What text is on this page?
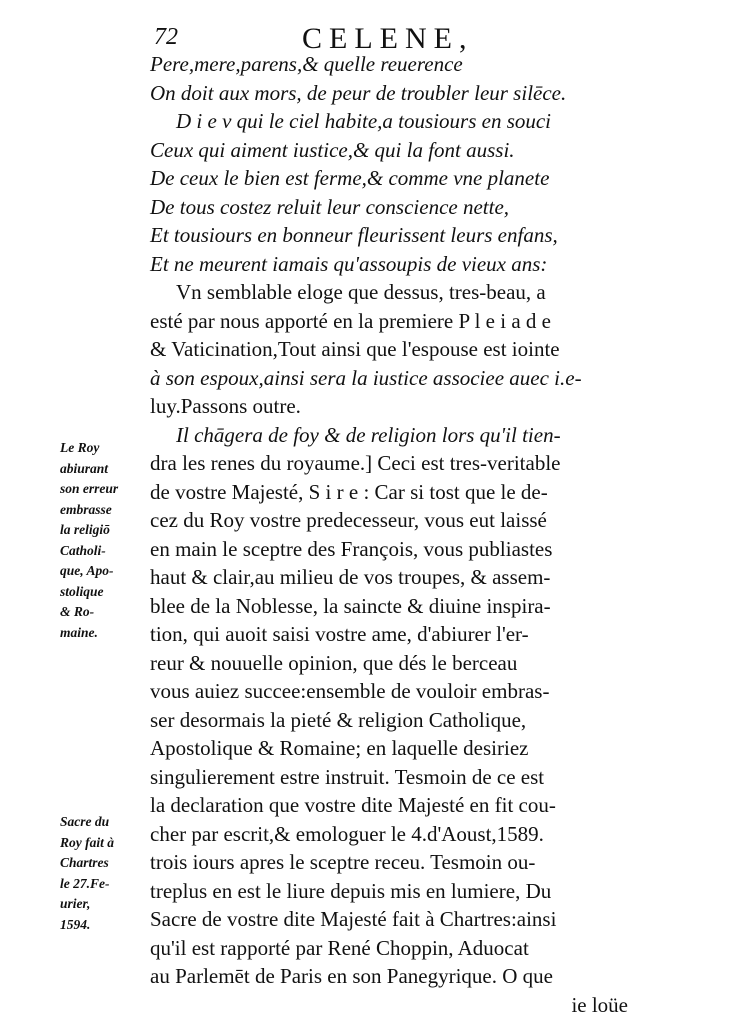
72	CELENE,
Pere,mere,parens,& quelle reuerence
On doit aux mors, de peur de troubler leur silēce.
D i e v qui le ciel habite,a tousiours en souci
Ceux qui aiment iustice,& qui la font aussi.
De ceux le bien est ferme,& comme vne planete
De tous costez reluit leur conscience nette,
Et tousiours en bonneur fleurissent leurs enfans,
Et ne meurent iamais qu'assoupis de vieux ans:
Vn semblable eloge que dessus, tres-beau, a
esté par nous apporté en la premiere P l e i a d e
& Vaticination,Tout ainsi que l'espouse est iointe
à son espoux,ainsi sera la iustice associee auec i.e-
luy.Passons outre.
Il chāgera de foy & de religion lors qu'il tien-
dra les renes du royaume.] Ceci est tres-veritable
de vostre Majesté, S i r e : Car si tost que le de-
cez du Roy vostre predecesseur, vous eut laissé
en main le sceptre des François, vous publiastes
haut & clair,au milieu de vos troupes, & assem-
blee de la Noblesse, la saincte & diuine inspira-
tion, qui auoit saisi vostre ame, d'abiurer l'er-
reur & nouuelle opinion, que dés le berceau
vous auiez succee:ensemble de vouloir embras-
ser desormais la pieté & religion Catholique,
Apostolique & Romaine; en laquelle desiriez
singulierement estre instruit. Tesmoin de ce est
la declaration que vostre dite Majesté en fit cou-
cher par escrit,& emologuer le 4.d'Aoust,1589.
trois iours apres le sceptre receu. Tesmoin ou-
treplus en est le liure depuis mis en lumiere, Du
Sacre de vostre dite Majesté fait à Chartres:ainsi
qu'il est rapporté par René Choppin, Aduocat
au Parlemēt de Paris en son Panegyrique. O que
ie loüe
Le Roy
abiurant
son erreur
embrasse
la religiō
Catholi-
que, Apo-
stolique
& Ro-
maine.
Sacre du
Roy fait à
Chartres
le 27.Fe-
urier,
1594.
